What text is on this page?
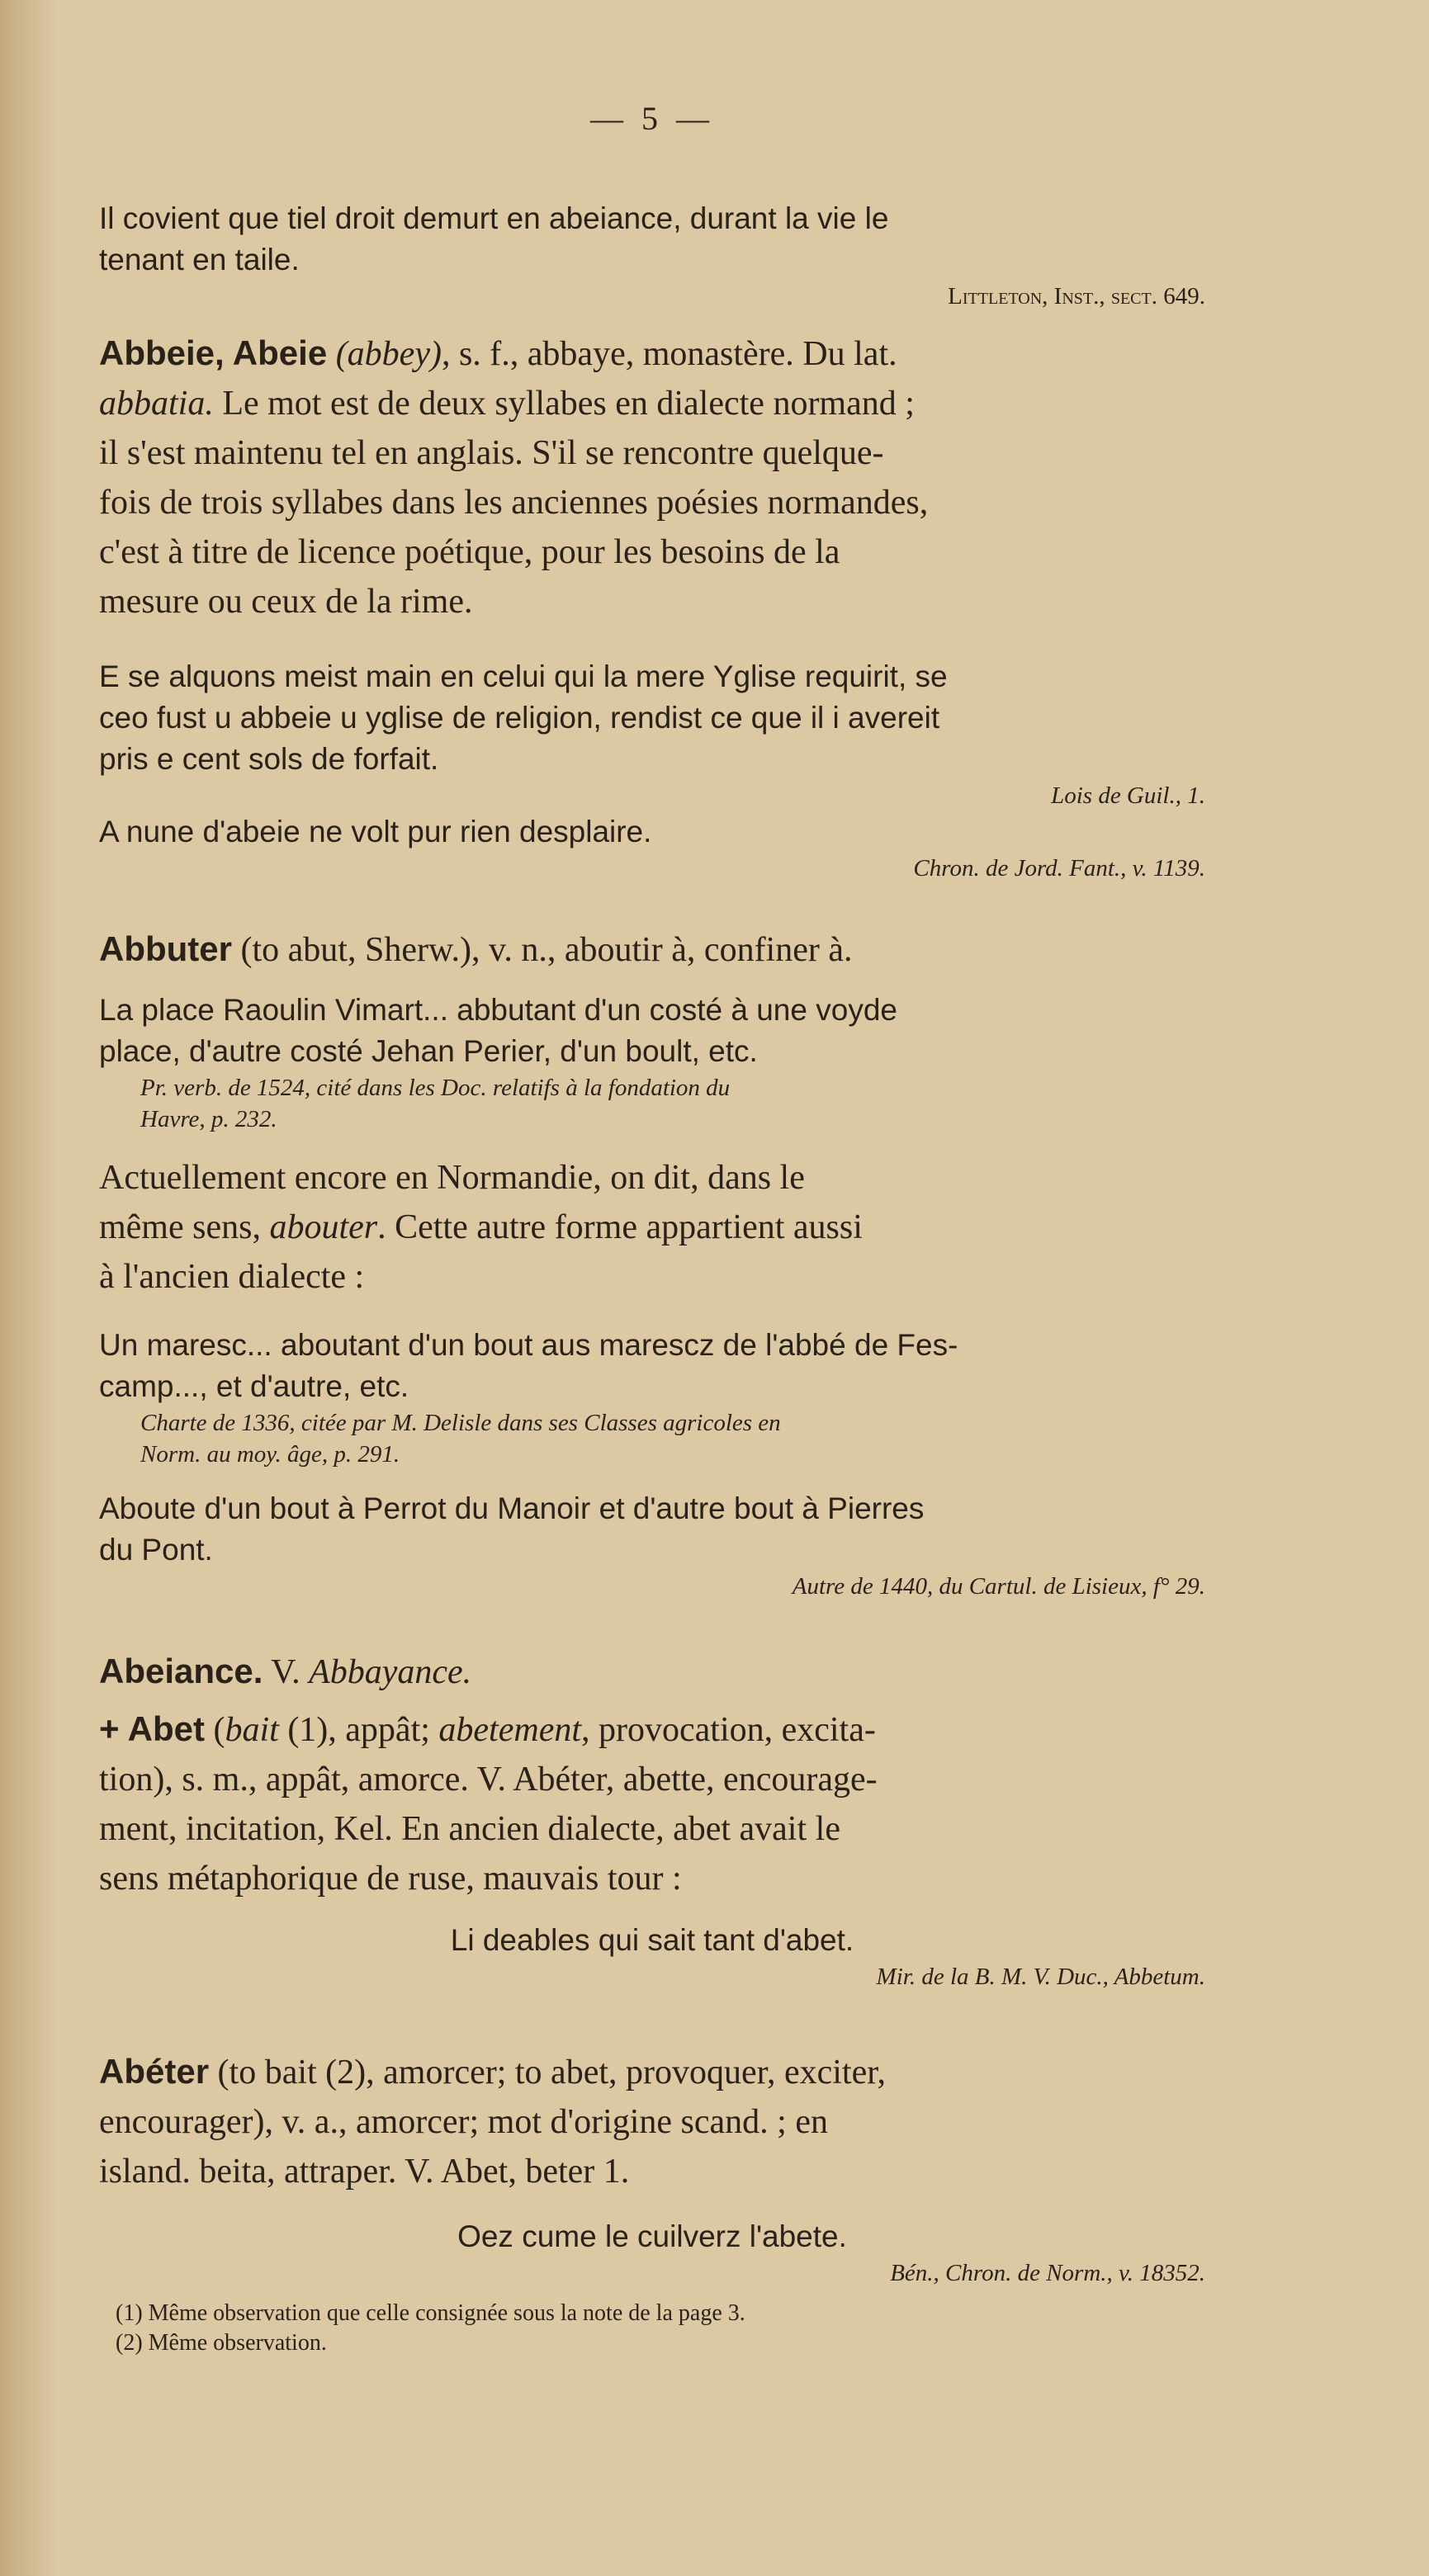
— 5 —

Il covient que tiel droit demurt en abeiance, durant la vie le

tenant en taile.

Littleton, Inst., sect. 649.

Abbeie, Abeie (abbey), s. f., abbaye, monastère. Du lat.

abbatia. Le mot est de deux syllabes en dialecte normand ;

il s'est maintenu tel en anglais. S'il se rencontre quelque-

fois de trois syllabes dans les anciennes poésies normandes,

c'est à titre de licence poétique, pour les besoins de la

mesure ou ceux de la rime.

E se alquons meist main en celui qui la mere Yglise requirit, se

ceo fust u abbeie u yglise de religion, rendist ce que il i avereit

pris e cent sols de forfait.

Lois de Guil., 1.

A nune d'abeie ne volt pur rien desplaire.

Chron. de Jord. Fant., v. 1139.

Abbuter (to abut, Sherw.), v. n., aboutir à, confiner à.

La place Raoulin Vimart... abbutant d'un costé à une voyde

place, d'autre costé Jehan Perier, d'un boult, etc.

Pr. verb. de 1524, cité dans les Doc. relatifs à la fondation du

Havre, p. 232.

Actuellement encore en Normandie, on dit, dans le

même sens, abouter. Cette autre forme appartient aussi

à l'ancien dialecte :

Un maresc... aboutant d'un bout aus marescz de l'abbé de Fes-

camp..., et d'autre, etc.

Charte de 1336, citée par M. Delisle dans ses Classes agricoles en

Norm. au moy. âge, p. 291.

Aboute d'un bout à Perrot du Manoir et d'autre bout à Pierres

du Pont.

Autre de 1440, du Cartul. de Lisieux, f° 29.

Abeiance. V. Abbayance.

+ Abet (bait (1), appât; abetement, provocation, excita-

tion), s. m., appât, amorce. V. Abéter, abette, encourage-

ment, incitation, Kel. En ancien dialecte, abet avait le

sens métaphorique de ruse, mauvais tour :

Li deables qui sait tant d'abet.

Mir. de la B. M. V. Duc., Abbetum.

Abéter (to bait (2), amorcer; to abet, provoquer, exciter,

encourager), v. a., amorcer; mot d'origine scand. ; en

island. beita, attraper. V. Abet, beter 1.

Oez cume le cuilverz l'abete.

Bén., Chron. de Norm., v. 18352.

(1) Même observation que celle consignée sous la note de la page 3.

(2) Même observation.
